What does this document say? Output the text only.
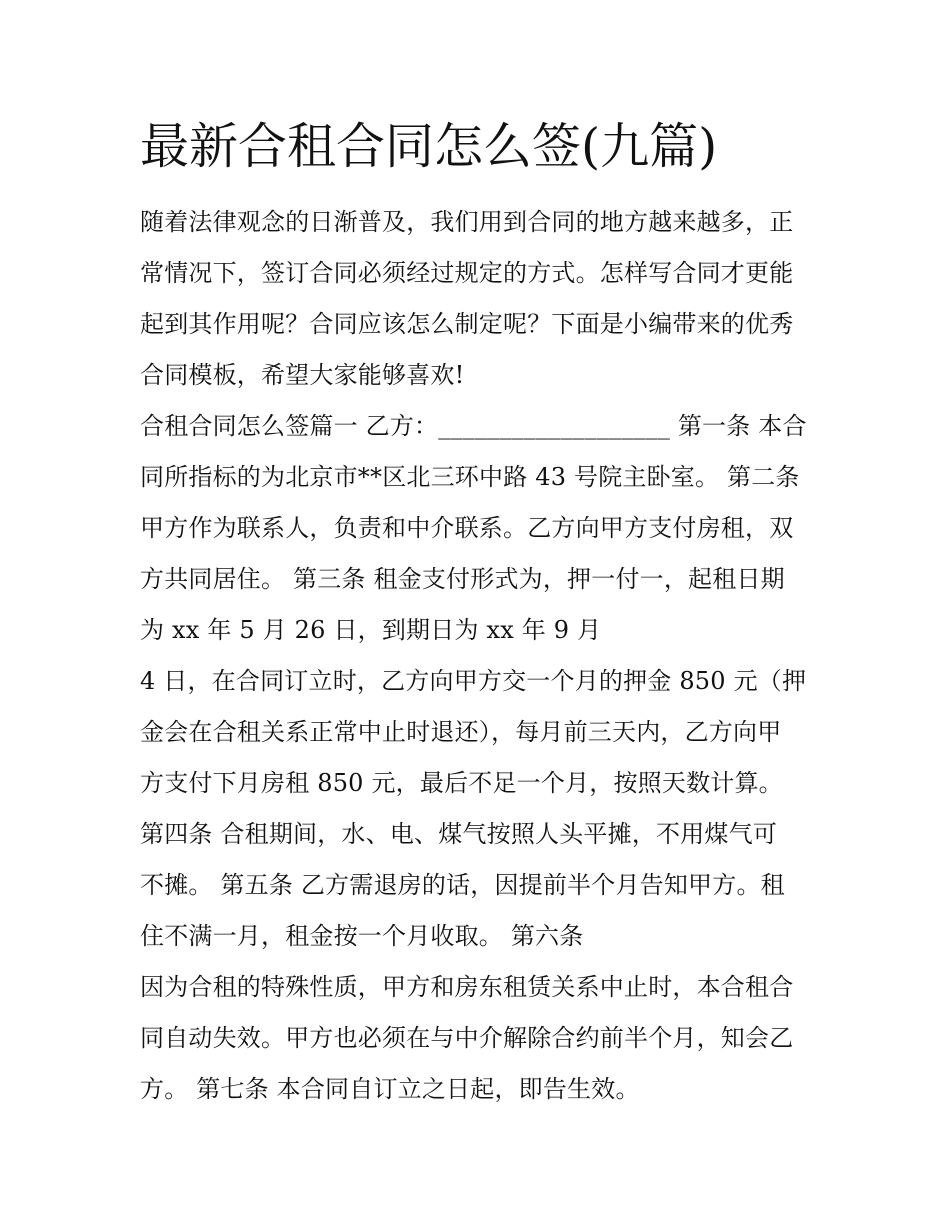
最新合租合同怎么签(九篇)

随着法律观念的日渐普及，我们用到合同的地方越来越多，正

常情况下，签订合同必须经过规定的方式。怎样写合同才更能

起到其作用呢？合同应该怎么制定呢？下面是小编带来的优秀

合同模板，希望大家能够喜欢!

合租合同怎么签篇一 乙方：___________________ 第一条 本合

同所指标的为北京市**区北三环中路 43 号院主卧室。 第二条

甲方作为联系人，负责和中介联系。乙方向甲方支付房租，双

方共同居住。 第三条 租金支付形式为，押一付一，起租日期

为 xx 年 5 月 26 日，到期日为 xx 年 9 月

4 日，在合同订立时，乙方向甲方交一个月的押金 850 元（押

金会在合租关系正常中止时退还），每月前三天内，乙方向甲

方支付下月房租 850 元，最后不足一个月，按照天数计算。

第四条 合租期间，水、电、煤气按照人头平摊，不用煤气可

不摊。 第五条 乙方需退房的话，因提前半个月告知甲方。租

住不满一月，租金按一个月收取。 第六条

因为合租的特殊性质，甲方和房东租赁关系中止时，本合租合

同自动失效。甲方也必须在与中介解除合约前半个月，知会乙

方。 第七条 本合同自订立之日起，即告生效。
